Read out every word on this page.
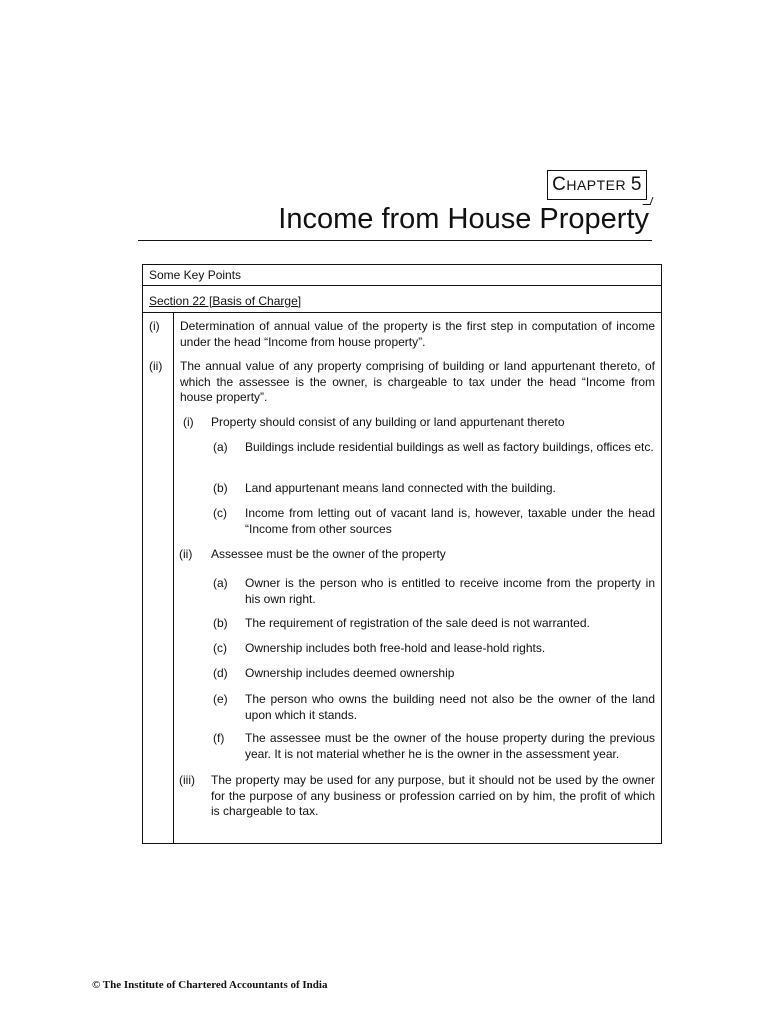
CHAPTER 5
Income from House Property
Some Key Points
Section 22 [Basis of Charge]
(i) Determination of annual value of the property is the first step in computation of income under the head “Income from house property”.
(ii) The annual value of any property comprising of building or land appurtenant thereto, of which the assessee is the owner, is chargeable to tax under the head “Income from house property”.
(i) Property should consist of any building or land appurtenant thereto
(a) Buildings include residential buildings as well as factory buildings, offices etc.
(b) Land appurtenant means land connected with the building.
(c) Income from letting out of vacant land is, however, taxable under the head “Income from other sources
(ii) Assessee must be the owner of the property
(a) Owner is the person who is entitled to receive income from the property in his own right.
(b) The requirement of registration of the sale deed is not warranted.
(c) Ownership includes both free-hold and lease-hold rights.
(d) Ownership includes deemed ownership
(e) The person who owns the building need not also be the owner of the land upon which it stands.
(f) The assessee must be the owner of the house property during the previous year. It is not material whether he is the owner in the assessment year.
(iii) The property may be used for any purpose, but it should not be used by the owner for the purpose of any business or profession carried on by him, the profit of which is chargeable to tax.
© The Institute of Chartered Accountants of India
